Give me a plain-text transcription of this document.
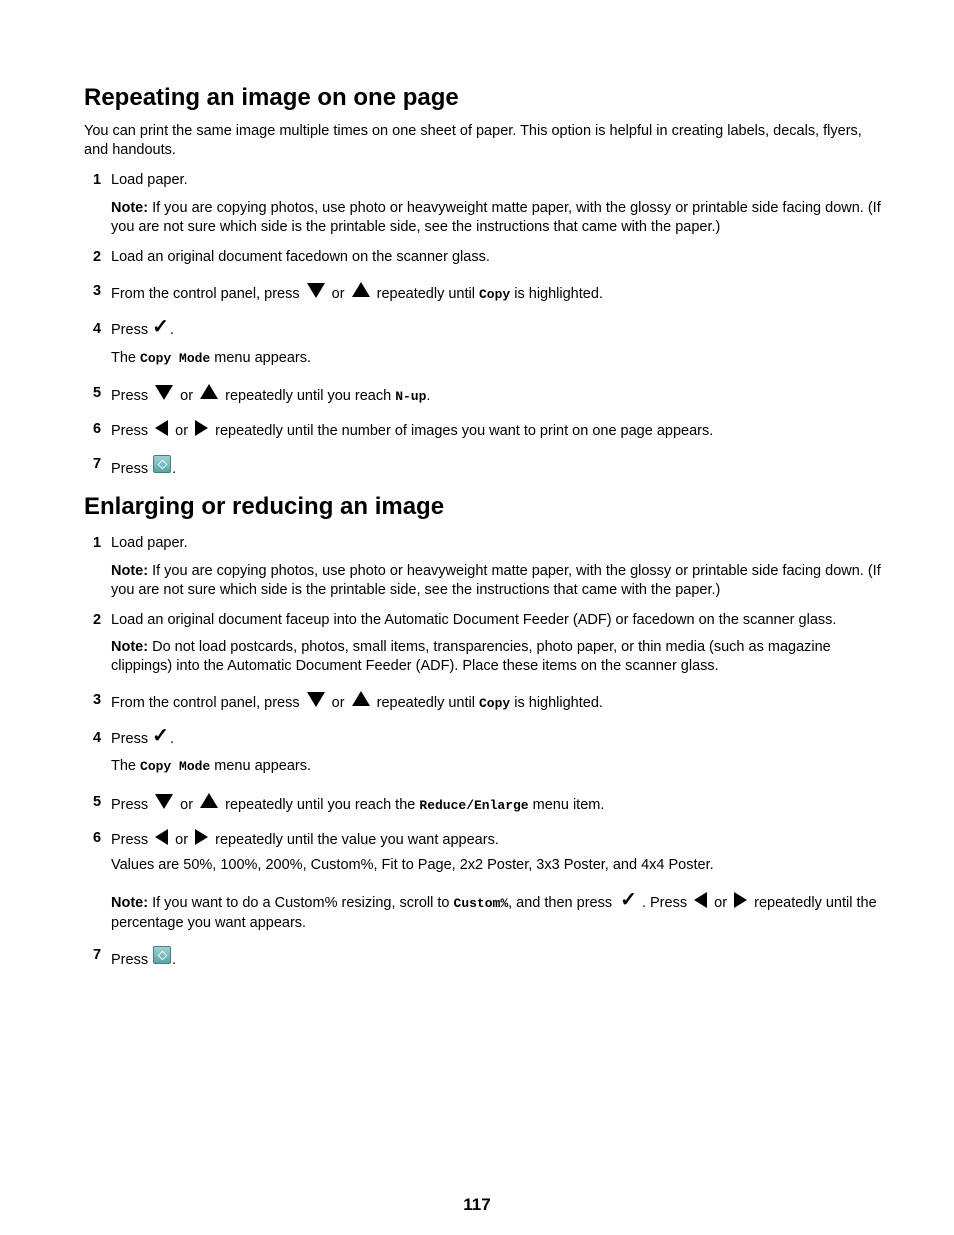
Repeating an image on one page

You can print the same image multiple times on one sheet of paper. This option is helpful in creating labels, decals, flyers, and handouts.

1 Load paper.
Note: If you are copying photos, use photo or heavyweight matte paper, with the glossy or printable side facing down. (If you are not sure which side is the printable side, see the instructions that came with the paper.)
2 Load an original document facedown on the scanner glass.
3 From the control panel, press or repeatedly until Copy is highlighted.
4 Press ✓.
The Copy Mode menu appears.
5 Press or repeatedly until you reach N-up.
6 Press or repeatedly until the number of images you want to print on one page appears.
7 Press .
Enlarging or reducing an image
1 Load paper.
Note: If you are copying photos, use photo or heavyweight matte paper, with the glossy or printable side facing down. (If you are not sure which side is the printable side, see the instructions that came with the paper.)
2 Load an original document faceup into the Automatic Document Feeder (ADF) or facedown on the scanner glass.
Note: Do not load postcards, photos, small items, transparencies, photo paper, or thin media (such as magazine clippings) into the Automatic Document Feeder (ADF). Place these items on the scanner glass.
3 From the control panel, press or repeatedly until Copy is highlighted.
4 Press ✓.
The Copy Mode menu appears.
5 Press or repeatedly until you reach the Reduce/Enlarge menu item.
6 Press or repeatedly until the value you want appears.
Values are 50%, 100%, 200%, Custom%, Fit to Page, 2x2 Poster, 3x3 Poster, and 4x4 Poster.
Note: If you want to do a Custom% resizing, scroll to Custom%, and then press ✓ . Press or repeatedly until the percentage you want appears.
7 Press .
117
